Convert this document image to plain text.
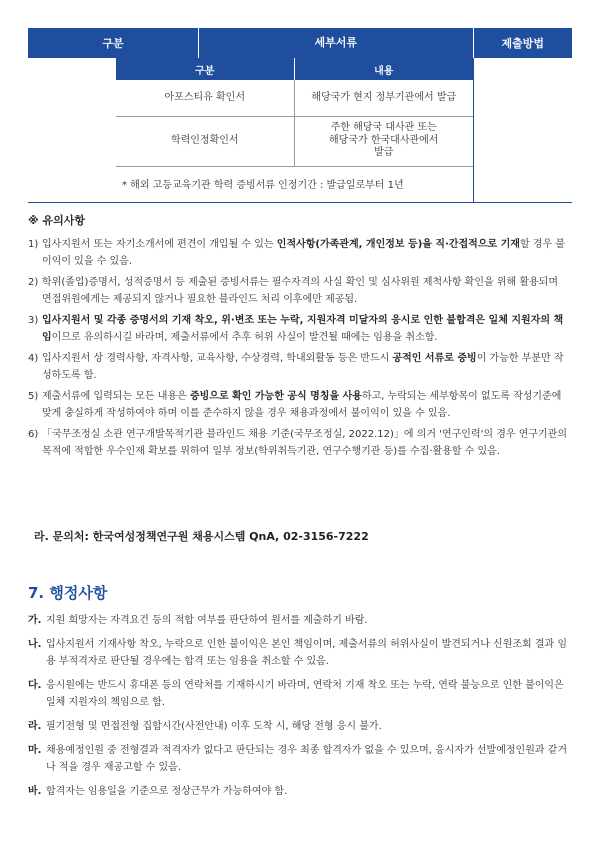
구분	세부서류	제출방법

구분	내용
아포스티유 확인서	해당국가 현지 정부기관에서 발급
학력인정확인서	주한 해당국 대사관 또는 해당국가 한국대사관에서 발급
* 해외 고등교육기관 학력 증빙서류 인정기간 : 발급일로부터 1년

※ 유의사항
1) 입사지원서 또는 자기소개서에 편견이 개입될 수 있는 인적사항(가족관계, 개인정보 등)을 직·간접적으로 기재할 경우 불이익이 있을 수 있음.
2) 학위(졸업)증명서, 성적증명서 등 제출된 증빙서류는 필수자격의 사실 확인 및 심사위원 제척사항 확인을 위해 활용되며 면접위원에게는 제공되지 않거나 필요한 블라인드 처리 이후에만 제공됨.
3) 입사지원서 및 각종 증명서의 기재 착오, 위·변조 또는 누락, 지원자격 미달자의 응시로 인한 불합격은 일체 지원자의 책임이므로 유의하시길 바라며, 제출서류에서 추후 허위 사실이 발견될 때에는 임용을 취소함.
4) 입사지원서 상 경력사항, 자격사항, 교육사항, 수상경력, 학내외활동 등은 반드시 공적인 서류로 증빙이 가능한 부분만 작성하도록 함.
5) 제출서류에 입력되는 모든 내용은 증빙으로 확인 가능한 공식 명칭을 사용하고, 누락되는 세부항목이 없도록 작성기준에 맞게 충실하게 작성하여야 하며 이를 준수하지 않을 경우 채용과정에서 불이익이 있을 수 있음.
6) 「국무조정실 소관 연구개발목적기관 블라인드 채용 기준(국무조정실, 2022.12)」에 의거 '연구인력'의 경우 연구기관의 목적에 적합한 우수인재 확보를 위하여 일부 정보(학위취득기관, 연구수행기관 등)를 수집·활용할 수 있음.
라. 문의처: 한국여성정책연구원 채용시스템 QnA, 02-3156-7222
7. 행정사항
가. 지원 희망자는 자격요건 등의 적합 여부를 판단하여 원서를 제출하기 바람.
나. 입사지원서 기재사항 착오, 누락으로 인한 불이익은 본인 책임이며, 제출서류의 허위사실이 발견되거나 신원조회 결과 임용 부적격자로 판단될 경우에는 합격 또는 임용을 취소할 수 있음.
다. 응시원에는 반드시 휴대폰 등의 연락처를 기재하시기 바라며, 연락처 기재 착오 또는 누락, 연락 불능으로 인한 불이익은 일체 지원자의 책임으로 함.
라. 필기전형 및 면접전형 집합시간(사전안내) 이후 도착 시, 해당 전형 응시 불가.
마. 채용예정인원 중 전형결과 적격자가 없다고 판단되는 경우 최종 합격자가 없을 수 있으며, 응시자가 선발예정인원과 같거나 적을 경우 재공고할 수 있음.
바. 합격자는 임용일을 기준으로 정상근무가 가능하여야 함.
